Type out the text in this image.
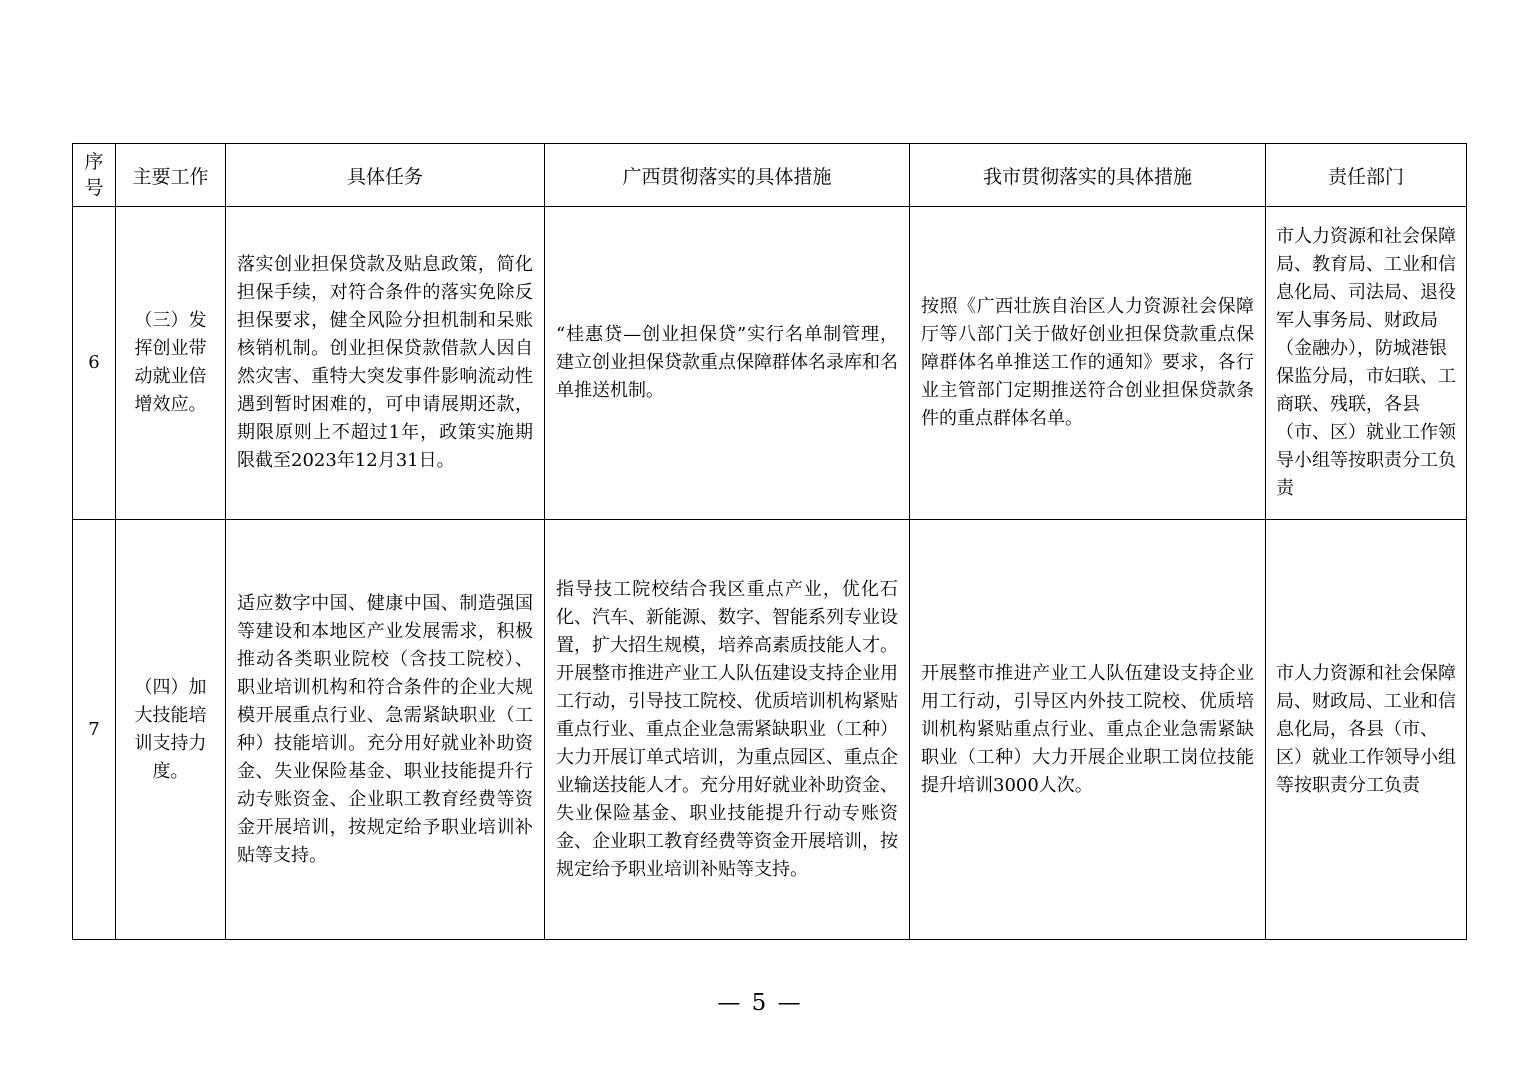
序号	主要工作	具体任务	广西贯彻落实的具体措施	我市贯彻落实的具体措施	责任部门
6	（三）发挥创业带动就业倍增效应。	落实创业担保贷款及贴息政策，简化担保手续，对符合条件的落实免除反担保要求，健全风险分担机制和呆账核销机制。创业担保贷款借款人因自然灾害、重特大突发事件影响流动性遇到暂时困难的，可申请展期还款，期限原则上不超过1年，政策实施期限截至2023年12月31日。	“桂惠贷—创业担保贷”实行名单制管理，建立创业担保贷款重点保障群体名录库和名单推送机制。	按照《广西壮族自治区人力资源社会保障厅等八部门关于做好创业担保贷款重点保障群体名单推送工作的通知》要求，各行业主管部门定期推送符合创业担保贷款条件的重点群体名单。	市人力资源和社会保障局、教育局、工业和信息化局、司法局、退役军人事务局、财政局（金融办），防城港银保监分局，市妇联、工商联、残联，各县（市、区）就业工作领导小组等按职责分工负责

7	（四）加大技能培训支持力度。	适应数字中国、健康中国、制造强国等建设和本地区产业发展需求，积极推动各类职业院校（含技工院校）、职业培训机构和符合条件的企业大规模开展重点行业、急需紧缺职业（工种）技能培训。充分用好就业补助资金、失业保险基金、职业技能提升行动专账资金、企业职工教育经费等资金开展培训，按规定给予职业培训补贴等支持。	指导技工院校结合我区重点产业，优化石化、汽车、新能源、数字、智能系列专业设置，扩大招生规模，培养高素质技能人才。开展整市推进产业工人队伍建设支持企业用工行动，引导技工院校、优质培训机构紧贴重点行业、重点企业急需紧缺职业（工种）大力开展订单式培训，为重点园区、重点企业输送技能人才。充分用好就业补助资金、失业保险基金、职业技能提升行动专账资金、企业职工教育经费等资金开展培训，按规定给予职业培训补贴等支持。	开展整市推进产业工人队伍建设支持企业用工行动，引导区内外技工院校、优质培训机构紧贴重点行业、重点企业急需紧缺职业（工种）大力开展企业职工岗位技能提升培训3000人次。	市人力资源和社会保障局、财政局、工业和信息化局，各县（市、区）就业工作领导小组等按职责分工负责
— 5 —
